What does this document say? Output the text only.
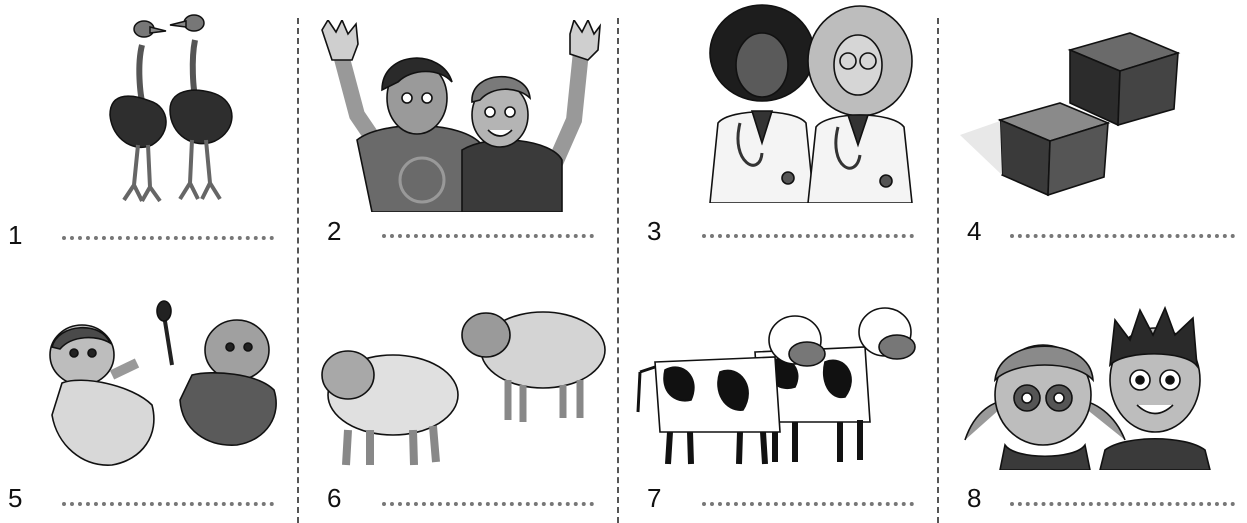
1	2	3	4
5	6	7	8
